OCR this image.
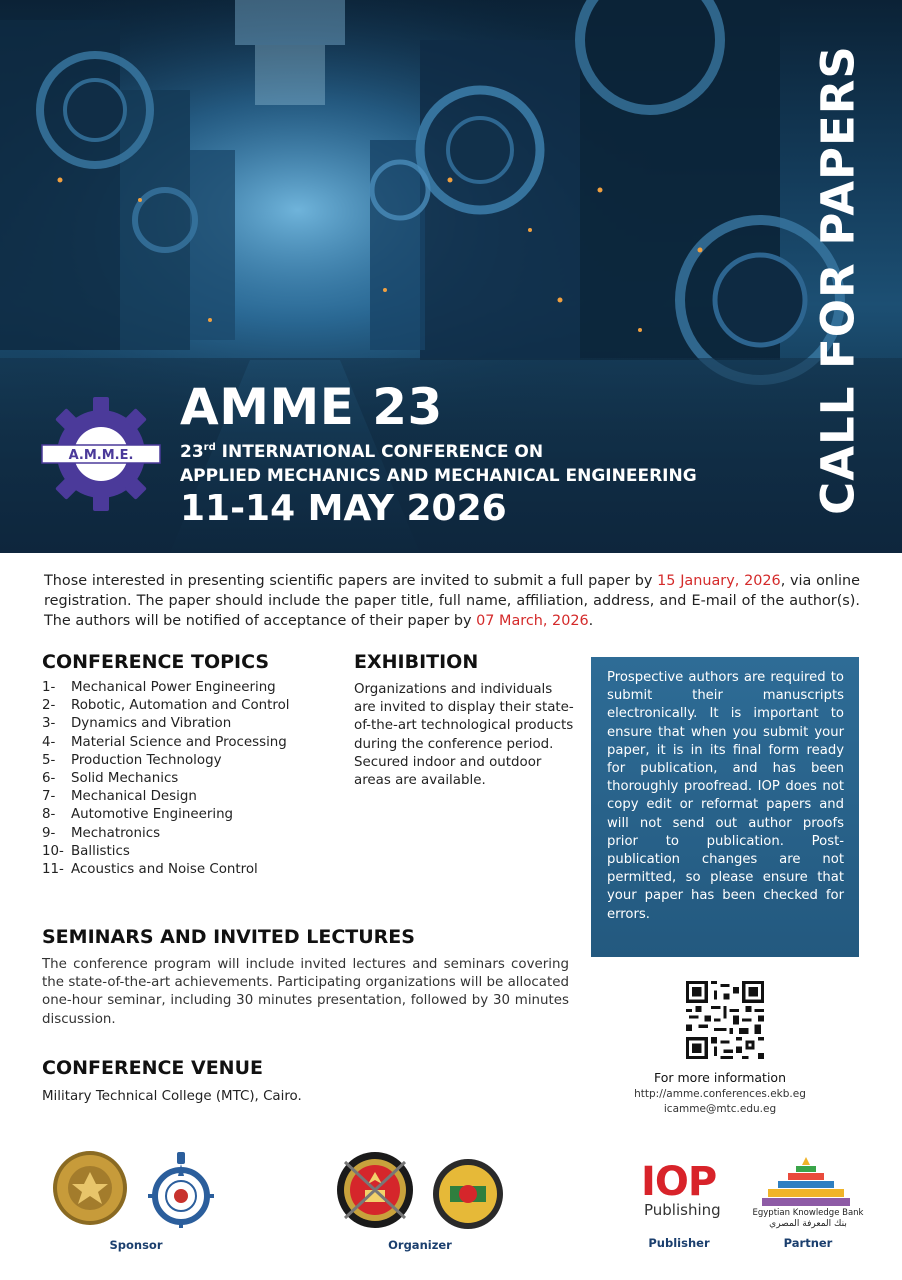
CALL FOR PAPERS
A.M.M.E.
AMME 23
23rd INTERNATIONAL CONFERENCE ON
APPLIED MECHANICS AND MECHANICAL ENGINEERING
11-14 MAY 2026

Those interested in presenting scientific papers are invited to submit a full paper by 15 January, 2026, via online registration. The paper should include the paper title, full name, affiliation, address, and E-mail of the author(s). The authors will be notified of acceptance of their paper by 07 March, 2026.

CONFERENCE TOPICS
1- Mechanical Power Engineering
2- Robotic, Automation and Control
3- Dynamics and Vibration
4- Material Science and Processing
5- Production Technology
6- Solid Mechanics
7- Mechanical Design
8- Automotive Engineering
9- Mechatronics
10- Ballistics
11- Acoustics and Noise Control
EXHIBITION

Organizations and individuals are invited to display their state-of-the-art technological products during the conference period. Secured indoor and outdoor areas are available.

Prospective authors are required to submit their manuscripts electronically. It is important to ensure that when you submit your paper, it is in its final form ready for publication, and has been thoroughly proofread. IOP does not copy edit or reformat papers and will not send out author proofs prior to publication. Post-publication changes are not permitted, so please ensure that your paper has been checked for errors.

SEMINARS AND INVITED LECTURES

The conference program will include invited lectures and seminars covering the state-of-the-art achievements. Participating organizations will be allocated one-hour seminar, including 30 minutes presentation, followed by 30 minutes discussion.

CONFERENCE VENUE

Military Technical College (MTC), Cairo.

For more information
http://amme.conferences.ekb.eg
icamme@mtc.edu.eg
IOP
Publishing	Egyptian Knowledge Bank
بنك المعرفة المصري
Sponsor	Organizer	Publisher	Partner
